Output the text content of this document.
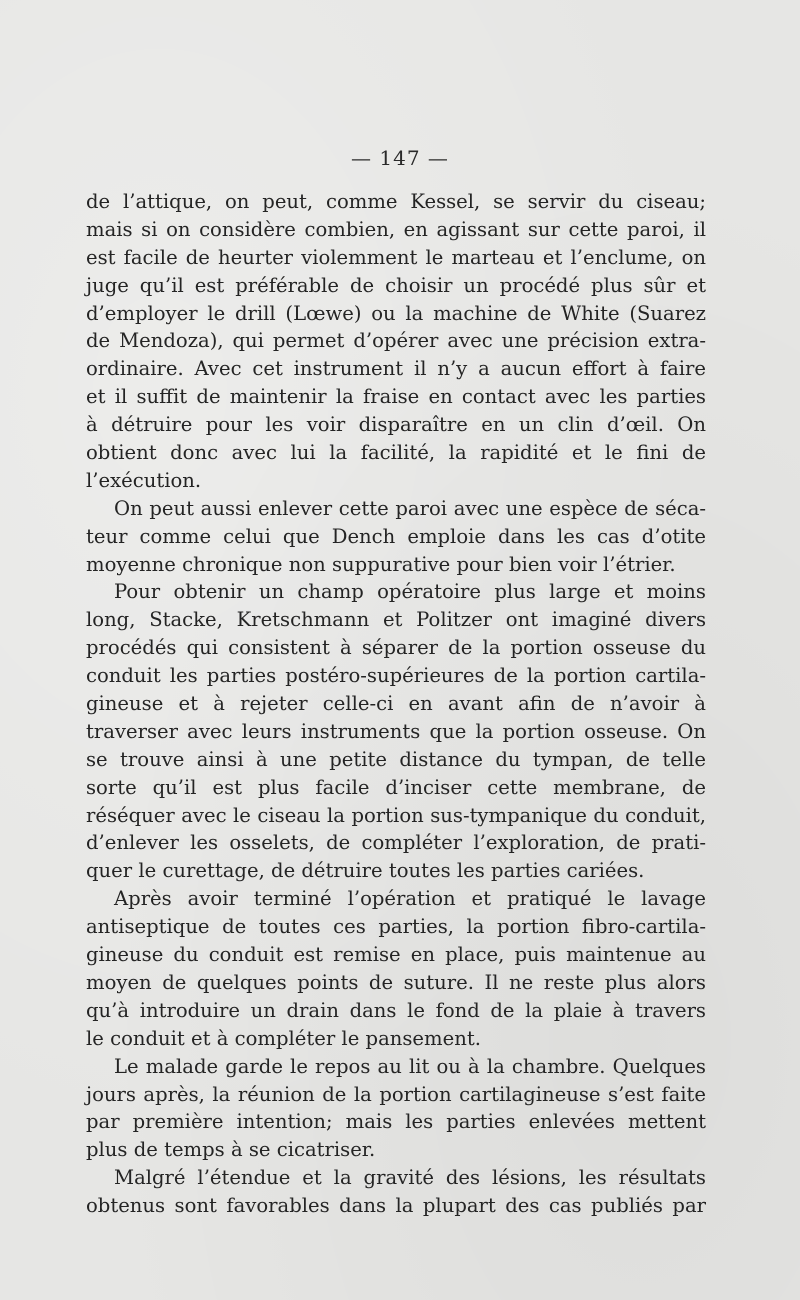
— 147 —
de l’attique, on peut, comme Kessel, se servir du ciseau;
mais si on considère combien, en agissant sur cette paroi, il
est facile de heurter violemment le marteau et l’enclume, on
juge qu’il est préférable de choisir un procédé plus sûr et
d’employer le drill (Lœwe) ou la machine de White (Suarez
de Mendoza), qui permet d’opérer avec une précision extra-
ordinaire. Avec cet instrument il n’y a aucun effort à faire
et il suffit de maintenir la fraise en contact avec les parties
à détruire pour les voir disparaître en un clin d’œil. On
obtient donc avec lui la facilité, la rapidité et le fini de
l’exécution.
On peut aussi enlever cette paroi avec une espèce de séca-
teur comme celui que Dench emploie dans les cas d’otite
moyenne chronique non suppurative pour bien voir l’étrier.
Pour obtenir un champ opératoire plus large et moins
long, Stacke, Kretschmann et Politzer ont imaginé divers
procédés qui consistent à séparer de la portion osseuse du
conduit les parties postéro-supérieures de la portion cartila-
gineuse et à rejeter celle-ci en avant afin de n’avoir à
traverser avec leurs instruments que la portion osseuse. On
se trouve ainsi à une petite distance du tympan, de telle
sorte qu’il est plus facile d’inciser cette membrane, de
réséquer avec le ciseau la portion sus-tympanique du conduit,
d’enlever les osselets, de compléter l’exploration, de prati-
quer le curettage, de détruire toutes les parties cariées.
Après avoir terminé l’opération et pratiqué le lavage
antiseptique de toutes ces parties, la portion fibro-cartila-
gineuse du conduit est remise en place, puis maintenue au
moyen de quelques points de suture. Il ne reste plus alors
qu’à introduire un drain dans le fond de la plaie à travers
le conduit et à compléter le pansement.
Le malade garde le repos au lit ou à la chambre. Quelques
jours après, la réunion de la portion cartilagineuse s’est faite
par première intention; mais les parties enlevées mettent
plus de temps à se cicatriser.
Malgré l’étendue et la gravité des lésions, les résultats
obtenus sont favorables dans la plupart des cas publiés par
